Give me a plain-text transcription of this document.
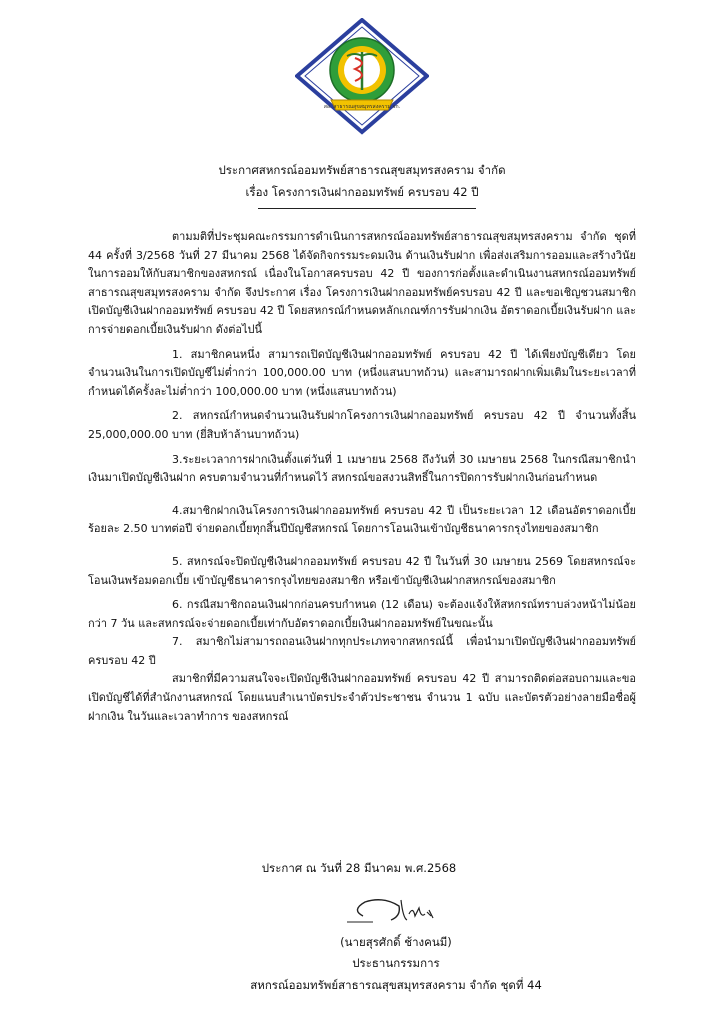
สอ. สาธารณสุขสมุทรสงคราม จก.
ประกาศสหกรณ์ออมทรัพย์สาธารณสุขสมุทรสงคราม จำกัด
เรื่อง โครงการเงินฝากออมทรัพย์ ครบรอบ 42 ปี

ตามมติที่ประชุมคณะกรรมการดำเนินการสหกรณ์ออมทรัพย์สาธารณสุขสมุทรสงคราม จำกัด ชุดที่ 44 ครั้งที่ 3/2568 วันที่ 27 มีนาคม 2568 ได้จัดกิจกรรมระดมเงิน ด้านเงินรับฝาก เพื่อส่งเสริมการออมและสร้างวินัยในการออมให้กับสมาชิกของสหกรณ์ เนื่องในโอกาสครบรอบ 42 ปี ของการก่อตั้งและดำเนินงานสหกรณ์ออมทรัพย์สาธารณสุขสมุทรสงคราม จำกัด จึงประกาศ เรื่อง โครงการเงินฝากออมทรัพย์ครบรอบ 42 ปี และขอเชิญชวนสมาชิกเปิดบัญชีเงินฝากออมทรัพย์ ครบรอบ 42 ปี โดยสหกรณ์กำหนดหลักเกณฑ์การรับฝากเงิน อัตราดอกเบี้ยเงินรับฝาก และการจ่ายดอกเบี้ยเงินรับฝาก ดังต่อไปนี้

1. สมาชิกคนหนึ่ง สามารถเปิดบัญชีเงินฝากออมทรัพย์ ครบรอบ 42 ปี ได้เพียงบัญชีเดียว โดยจำนวนเงินในการเปิดบัญชีไม่ต่ำกว่า 100,000.00 บาท (หนึ่งแสนบาทถ้วน) และสามารถฝากเพิ่มเติมในระยะเวลาที่กำหนดได้ครั้งละไม่ต่ำกว่า 100,000.00 บาท (หนึ่งแสนบาทถ้วน)

2. สหกรณ์กำหนดจำนวนเงินรับฝากโครงการเงินฝากออมทรัพย์ ครบรอบ 42 ปี จำนวนทั้งสิ้น 25,000,000.00 บาท (ยี่สิบห้าล้านบาทถ้วน)

3.ระยะเวลาการฝากเงินตั้งแต่วันที่ 1 เมษายน 2568 ถึงวันที่ 30 เมษายน 2568 ในกรณีสมาชิกนำเงินมาเปิดบัญชีเงินฝาก ครบตามจำนวนที่กำหนดไว้ สหกรณ์ขอสงวนสิทธิ์ในการปิดการรับฝากเงินก่อนกำหนด

4.สมาชิกฝากเงินโครงการเงินฝากออมทรัพย์ ครบรอบ 42 ปี เป็นระยะเวลา 12 เดือนอัตราดอกเบี้ยร้อยละ 2.50 บาทต่อปี จ่ายดอกเบี้ยทุกสิ้นปีบัญชีสหกรณ์ โดยการโอนเงินเข้าบัญชีธนาคารกรุงไทยของสมาชิก

5. สหกรณ์จะปิดบัญชีเงินฝากออมทรัพย์ ครบรอบ 42 ปี ในวันที่ 30 เมษายน 2569 โดยสหกรณ์จะโอนเงินพร้อมดอกเบี้ย เข้าบัญชีธนาคารกรุงไทยของสมาชิก หรือเข้าบัญชีเงินฝากสหกรณ์ของสมาชิก

6. กรณีสมาชิกถอนเงินฝากก่อนครบกำหนด (12 เดือน) จะต้องแจ้งให้สหกรณ์ทราบล่วงหน้าไม่น้อยกว่า 7 วัน และสหกรณ์จะจ่ายดอกเบี้ยเท่ากับอัตราดอกเบี้ยเงินฝากออมทรัพย์ในขณะนั้น

7. สมาชิกไม่สามารถถอนเงินฝากทุกประเภทจากสหกรณ์นี้ เพื่อนำมาเปิดบัญชีเงินฝากออมทรัพย์ ครบรอบ 42 ปี

สมาชิกที่มีความสนใจจะเปิดบัญชีเงินฝากออมทรัพย์ ครบรอบ 42 ปี สามารถติดต่อสอบถามและขอเปิดบัญชีได้ที่สำนักงานสหกรณ์ โดยแนบสำเนาบัตรประจำตัวประชาชน จำนวน 1 ฉบับ และบัตรตัวอย่างลายมือชื่อผู้ฝากเงิน ในวันและเวลาทำการ ของสหกรณ์

ประกาศ ณ วันที่ 28 มีนาคม พ.ศ.2568
(นายสุรศักดิ์ ช้างคนมี)
ประธานกรรมการ
สหกรณ์ออมทรัพย์สาธารณสุขสมุทรสงคราม จำกัด ชุดที่ 44
